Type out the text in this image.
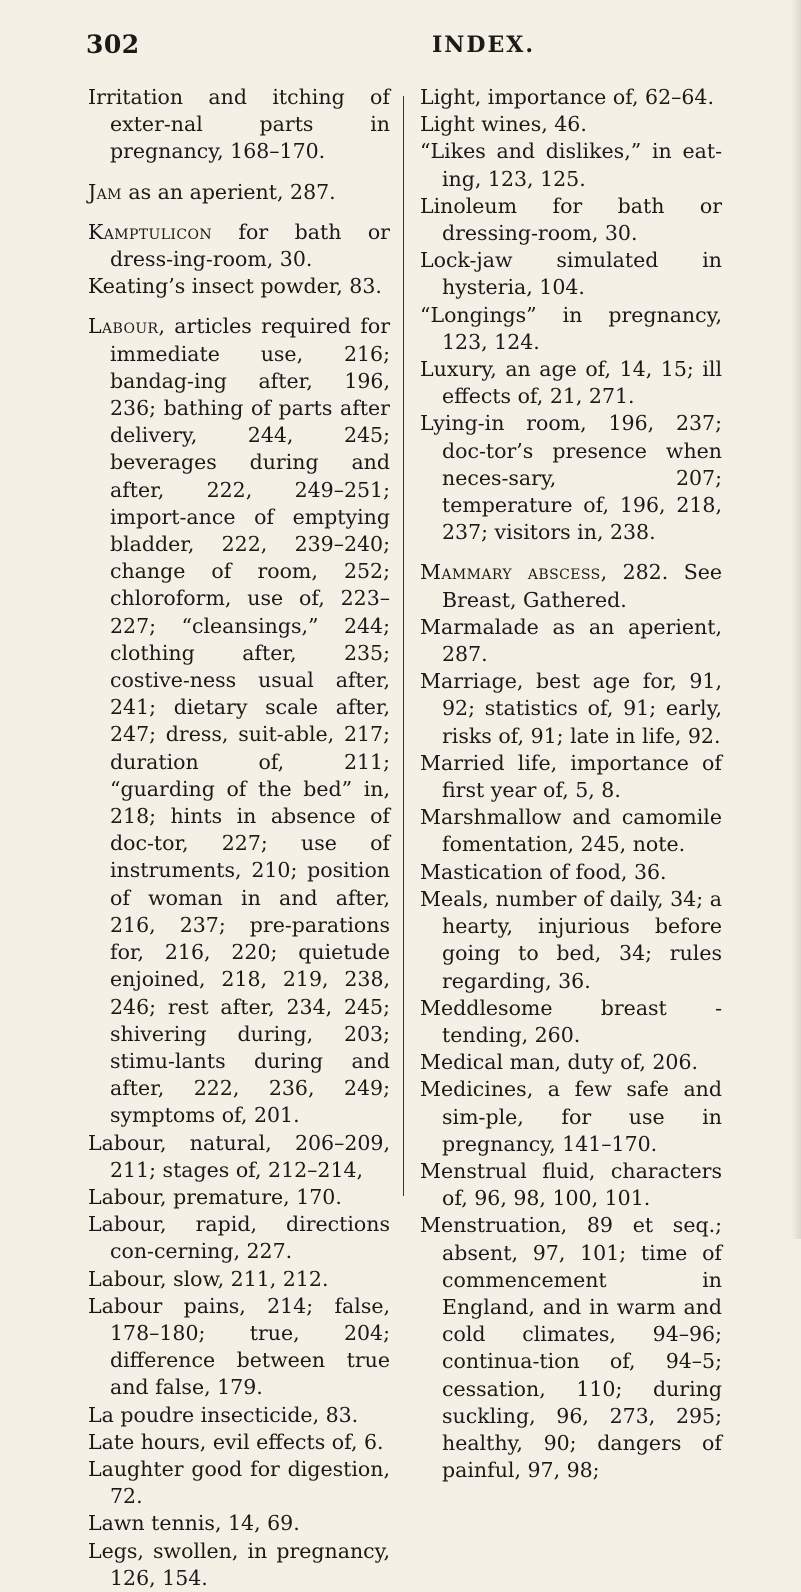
302	INDEX.

Irritation and itching of exter-nal parts in pregnancy, 168–170.

Jam as an aperient, 287.

Kamptulicon for bath or dress-ing-room, 30.

Keating’s insect powder, 83.

Labour, articles required for immediate use, 216; bandag-ing after, 196, 236; bathing of parts after delivery, 244, 245; beverages during and after, 222, 249–251; import-ance of emptying bladder, 222, 239–240; change of room, 252; chloroform, use of, 223–227; “cleansings,” 244; clothing after, 235; costive-ness usual after, 241; dietary scale after, 247; dress, suit-able, 217; duration of, 211; “guarding of the bed” in, 218; hints in absence of doc-tor, 227; use of instruments, 210; position of woman in and after, 216, 237; pre-parations for, 216, 220; quietude enjoined, 218, 219, 238, 246; rest after, 234, 245; shivering during, 203; stimu-lants during and after, 222, 236, 249; symptoms of, 201.

Labour, natural, 206–209, 211; stages of, 212–214,

Labour, premature, 170.

Labour, rapid, directions con-cerning, 227.

Labour, slow, 211, 212.

Labour pains, 214; false, 178–180; true, 204; difference between true and false, 179.

La poudre insecticide, 83.

Late hours, evil effects of, 6.

Laughter good for digestion, 72.

Lawn tennis, 14, 69.

Legs, swollen, in pregnancy, 126, 154.

Light, importance of, 62–64.

Light wines, 46.

“Likes and dislikes,” in eat-ing, 123, 125.

Linoleum for bath or dressing-room, 30.

Lock-jaw simulated in hysteria, 104.

“Longings” in pregnancy, 123, 124.

Luxury, an age of, 14, 15; ill effects of, 21, 271.

Lying-in room, 196, 237; doc-tor’s presence when neces-sary, 207; temperature of, 196, 218, 237; visitors in, 238.

Mammary abscess, 282. See Breast, Gathered.

Marmalade as an aperient, 287.

Marriage, best age for, 91, 92; statistics of, 91; early, risks of, 91; late in life, 92.

Married life, importance of first year of, 5, 8.

Marshmallow and camomile fomentation, 245, note.

Mastication of food, 36.

Meals, number of daily, 34; a hearty, injurious before going to bed, 34; rules regarding, 36.

Meddlesome breast - tending, 260.

Medical man, duty of, 206.

Medicines, a few safe and sim-ple, for use in pregnancy, 141–170.

Menstrual fluid, characters of, 96, 98, 100, 101.

Menstruation, 89 et seq.; absent, 97, 101; time of commencement in England, and in warm and cold climates, 94–96; continua-tion of, 94–5; cessation, 110; during suckling, 96, 273, 295; healthy, 90; dangers of painful, 97, 98;
